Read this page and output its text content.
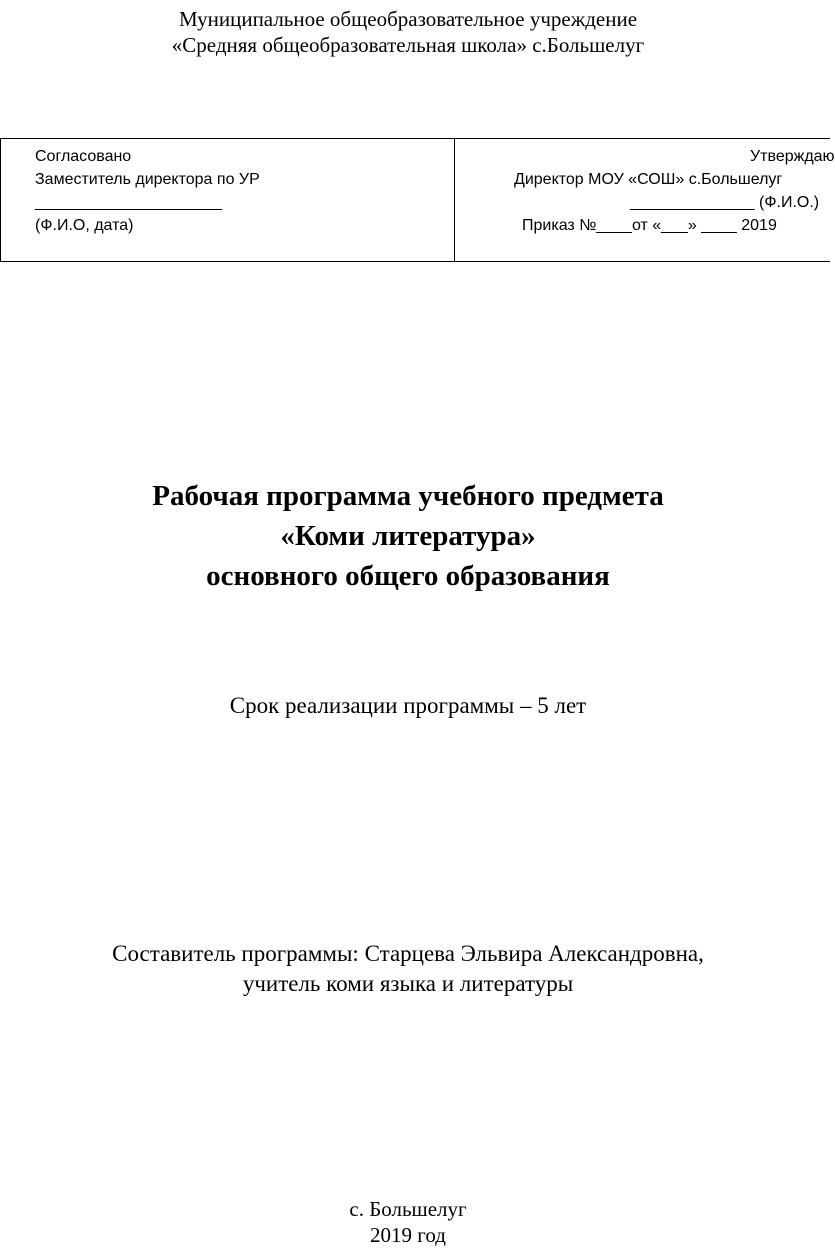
Муниципальное общеобразовательное учреждение
«Средняя общеобразовательная школа» с.Большелуг
Согласовано
Заместитель директора по УР
_____________________
(Ф.И.О, дата)
Утверждаю
Директор МОУ «СОШ» с.Большелуг
______________ (Ф.И.О.)
Приказ №____от «___» ____ 2019
Рабочая программа учебного предмета
«Коми литература»
основного общего образования
Срок реализации программы – 5 лет
Составитель программы: Старцева Эльвира Александровна,
учитель коми языка и литературы
с. Большелуг
2019 год
